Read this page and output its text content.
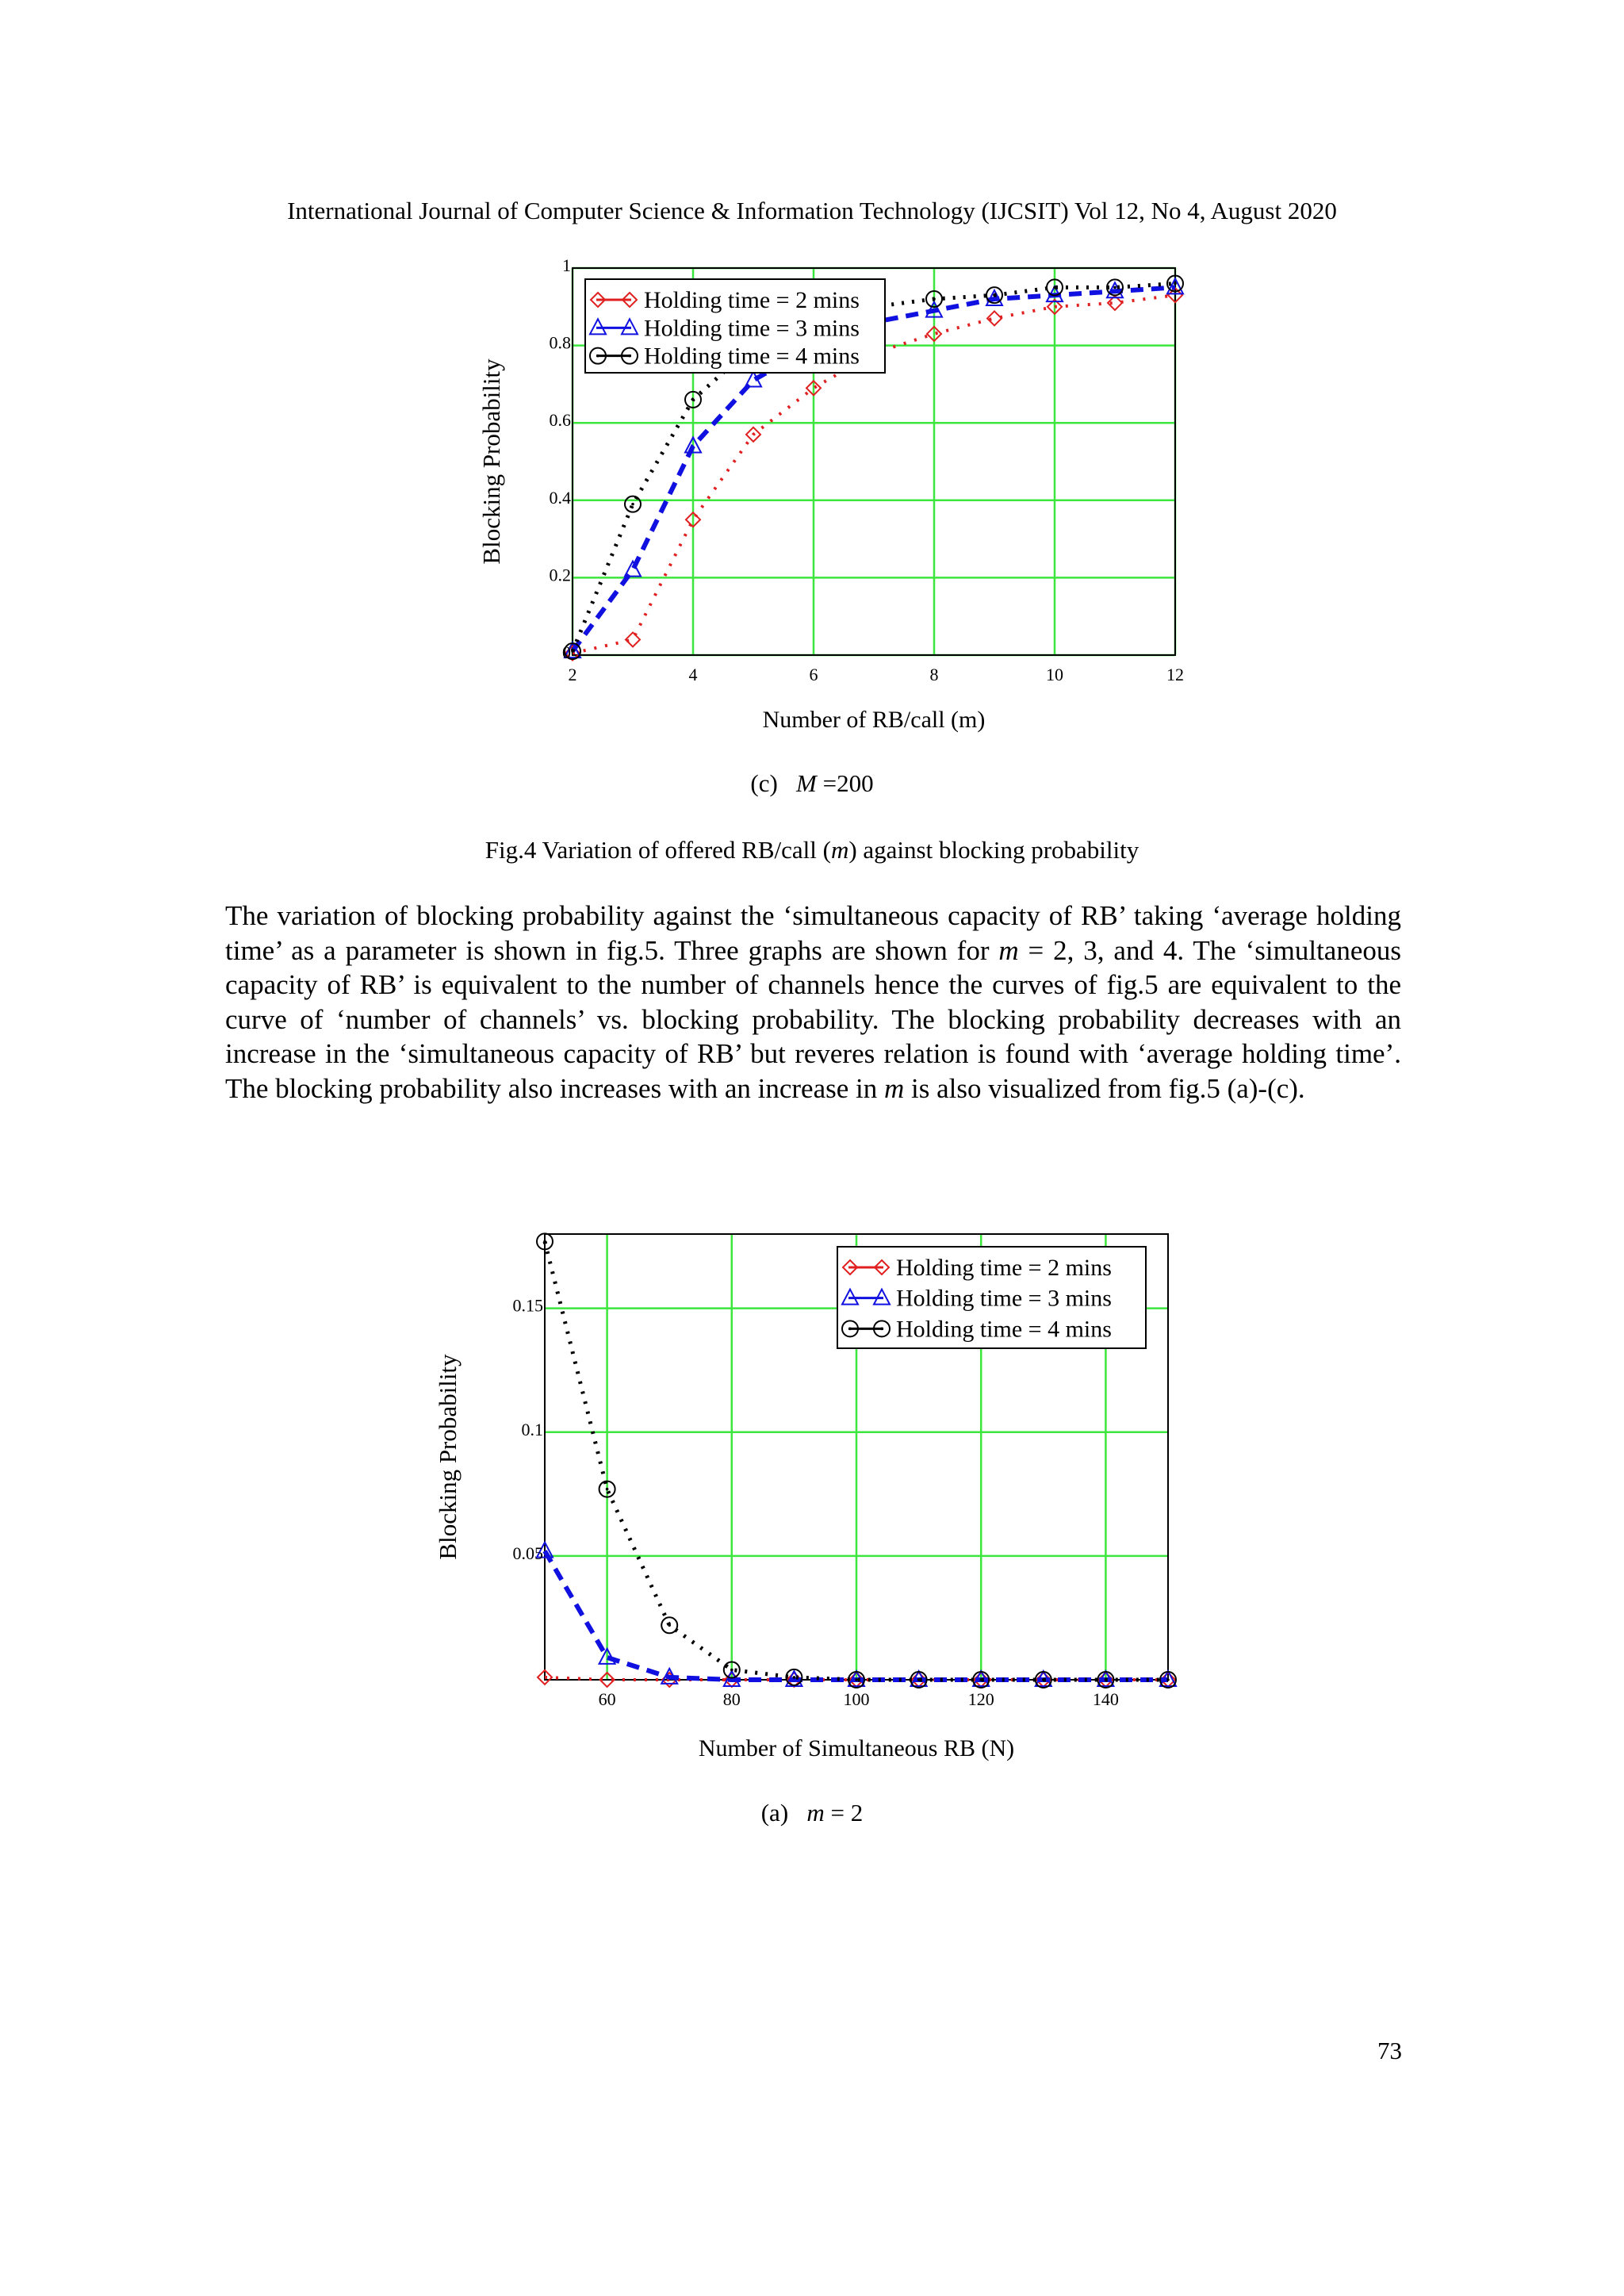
International Journal of Computer Science & Information Technology (IJCSIT) Vol 12, No 4, August 2020
2	4	6	8	10	12
0
0.2
0.4
0.6
0.8
1
Number of RB/call (m)
Blocking Probability
Holding time = 2 mins
Holding time = 3 mins
Holding time = 4 mins
(c) M =200
Fig.4 Variation of offered RB/call (m) against blocking probability
The variation of blocking probability against the ‘simultaneous capacity of RB’ taking ‘average holding time’ as a parameter is shown in fig.5. Three graphs are shown for m = 2, 3, and 4. The ‘simultaneous capacity of RB’ is equivalent to the number of channels hence the curves of fig.5 are equivalent to the curve of ‘number of channels’ vs. blocking probability. The blocking probability decreases with an increase in the ‘simultaneous capacity of RB’ but reveres relation is found with ‘average holding time’. The blocking probability also increases with an increase in m is also visualized from fig.5 (a)-(c).
60	80	100	120	140
0.05
0.1
0.15
Number of Simultaneous RB (N)
Blocking Probability
Holding time = 2 mins
Holding time = 3 mins
Holding time = 4 mins
(a) m = 2
73
